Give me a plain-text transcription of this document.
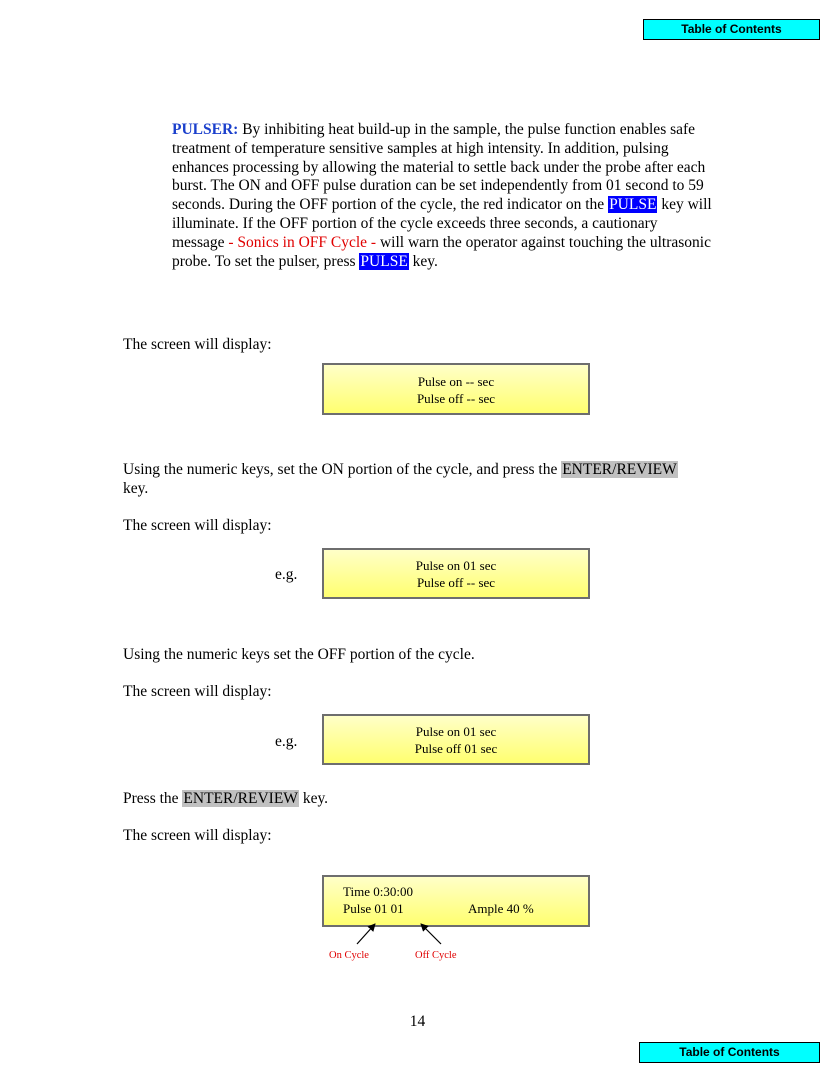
Table of Contents
PULSER: By inhibiting heat build-up in the sample, the pulse function enables safe treatment of temperature sensitive samples at high intensity. In addition, pulsing enhances processing by allowing the material to settle back under the probe after each burst. The ON and OFF pulse duration can be set independently from 01 second to 59 seconds. During the OFF portion of the cycle, the red indicator on the PULSE key will illuminate. If the OFF portion of the cycle exceeds three seconds, a cautionary message - Sonics in OFF Cycle - will warn the operator against touching the ultrasonic probe. To set the pulser, press PULSE key.
The screen will display:
Pulse on -- sec
Pulse off -- sec
Using the numeric keys, set the ON portion of the cycle, and press the ENTER/REVIEW
key.
The screen will display:
e.g.
Pulse on 01 sec
Pulse off -- sec
Using the numeric keys set the OFF portion of the cycle.
The screen will display:
e.g.
Pulse on 01 sec
Pulse off 01 sec
Press the ENTER/REVIEW key.
The screen will display:
Time 0:30:00
Pulse 01 01	Ample 40 %
On Cycle	Off Cycle
14
Table of Contents
